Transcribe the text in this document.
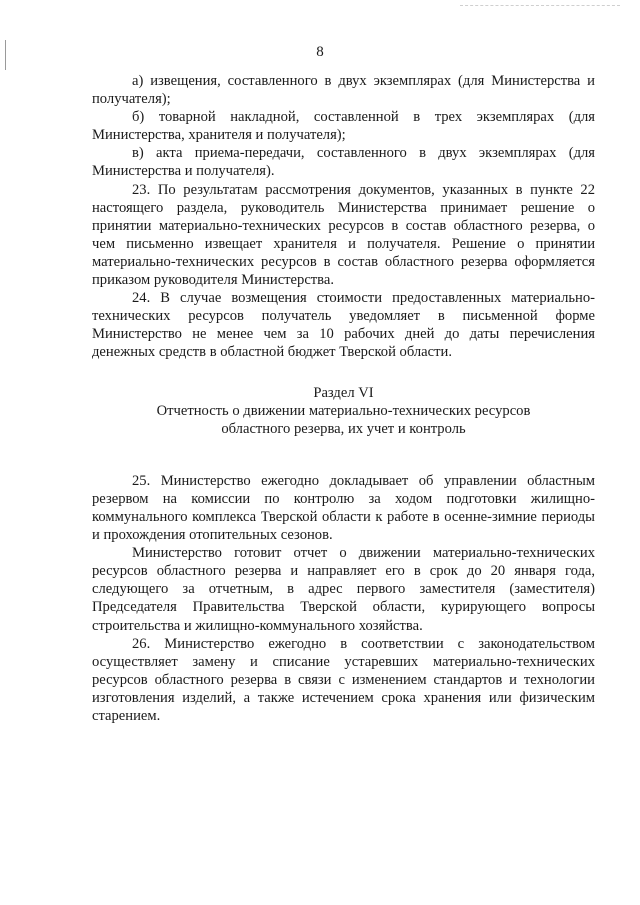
8

а) извещения, составленного в двух экземплярах (для Министерства и получателя);

б) товарной накладной, составленной в трех экземплярах (для Министерства, хранителя и получателя);

в) акта приема-передачи, составленного в двух экземплярах (для Министерства и получателя).

23. По результатам рассмотрения документов, указанных в пункте 22 настоящего раздела, руководитель Министерства принимает решение о принятии материально-технических ресурсов в состав областного резерва, о чем письменно извещает хранителя и получателя. Решение о принятии материально-технических ресурсов в состав областного резерва оформляется приказом руководителя Министерства.

24. В случае возмещения стоимости предоставленных материально-технических ресурсов получатель уведомляет в письменной форме Министерство не менее чем за 10 рабочих дней до даты перечисления денежных средств в областной бюджет Тверской области.

Раздел VI
Отчетность о движении материально-технических ресурсов
областного резерва, их учет и контроль

25. Министерство ежегодно докладывает об управлении областным резервом на комиссии по контролю за ходом подготовки жилищно-коммунального комплекса Тверской области к работе в осенне-зимние периоды и прохождения отопительных сезонов.

Министерство готовит отчет о движении материально-технических ресурсов областного резерва и направляет его в срок до 20 января года, следующего за отчетным, в адрес первого заместителя (заместителя) Председателя Правительства Тверской области, курирующего вопросы строительства и жилищно-коммунального хозяйства.

26. Министерство ежегодно в соответствии с законодательством осуществляет замену и списание устаревших материально-технических ресурсов областного резерва в связи с изменением стандартов и технологии изготовления изделий, а также истечением срока хранения или физическим старением.
